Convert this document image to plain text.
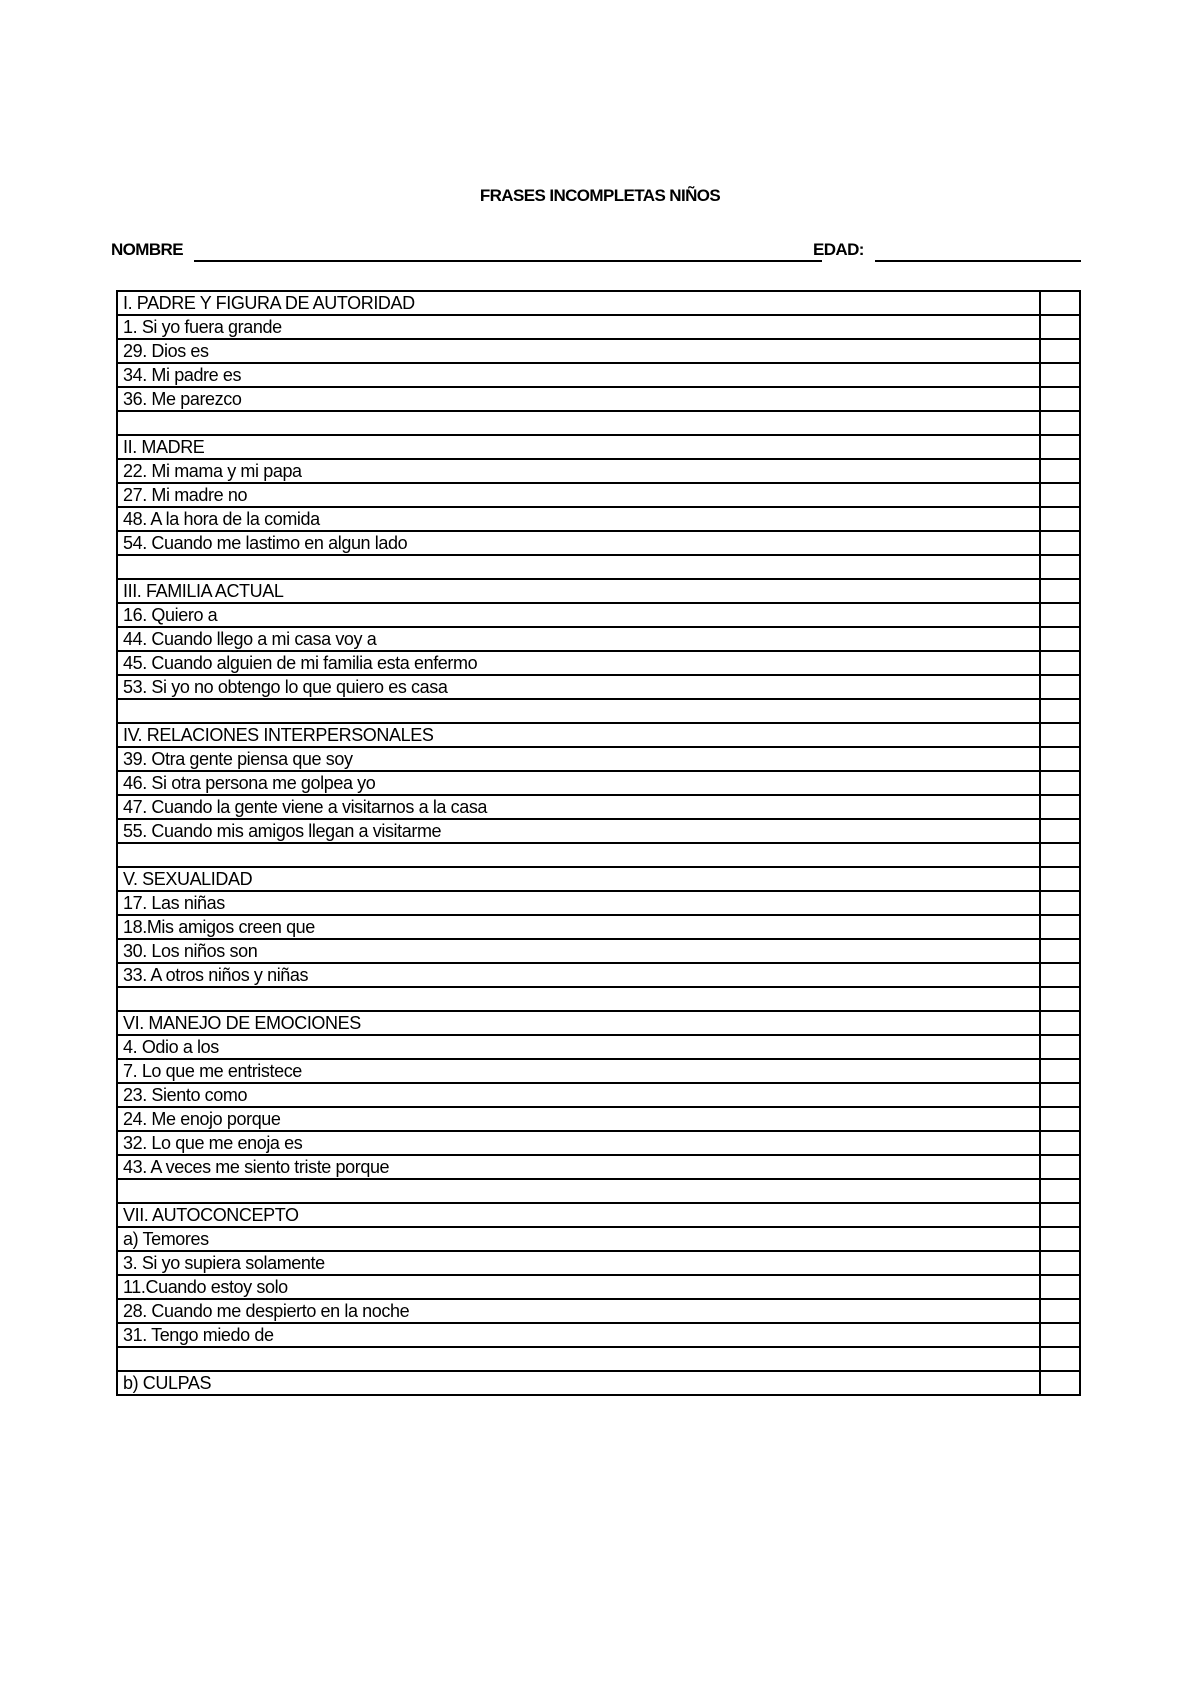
FRASES INCOMPLETAS NIÑOS
NOMBRE	EDAD:
I. PADRE Y FIGURA DE AUTORIDAD	
1. Si yo fuera grande	
29. Dios es	
34. Mi padre es	
36. Me parezco	

II. MADRE	
22. Mi mama y mi papa	
27. Mi madre no	
48. A la hora de la comida	
54. Cuando me lastimo en algun lado	

III. FAMILIA ACTUAL	
16. Quiero a	
44. Cuando llego a mi casa voy a	
45. Cuando alguien de mi familia esta enfermo	
53. Si yo no obtengo lo que quiero es casa	

IV. RELACIONES INTERPERSONALES	
39. Otra gente piensa que soy	
46. Si otra persona me golpea yo	
47. Cuando la gente viene a visitarnos a la casa	
55. Cuando mis amigos llegan a visitarme	

V. SEXUALIDAD	
17. Las niñas	
18.Mis amigos creen que	
30. Los niños son	
33. A otros niños y niñas	

VI. MANEJO DE EMOCIONES	
4. Odio a los	
7. Lo que me entristece	
23. Siento como	
24. Me enojo porque	
32. Lo que me enoja es	
43. A veces me siento triste porque	

VII. AUTOCONCEPTO	
a) Temores	
3. Si yo supiera solamente	
11.Cuando estoy solo	
28. Cuando me despierto en la noche	
31. Tengo miedo de	

b) CULPAS	
